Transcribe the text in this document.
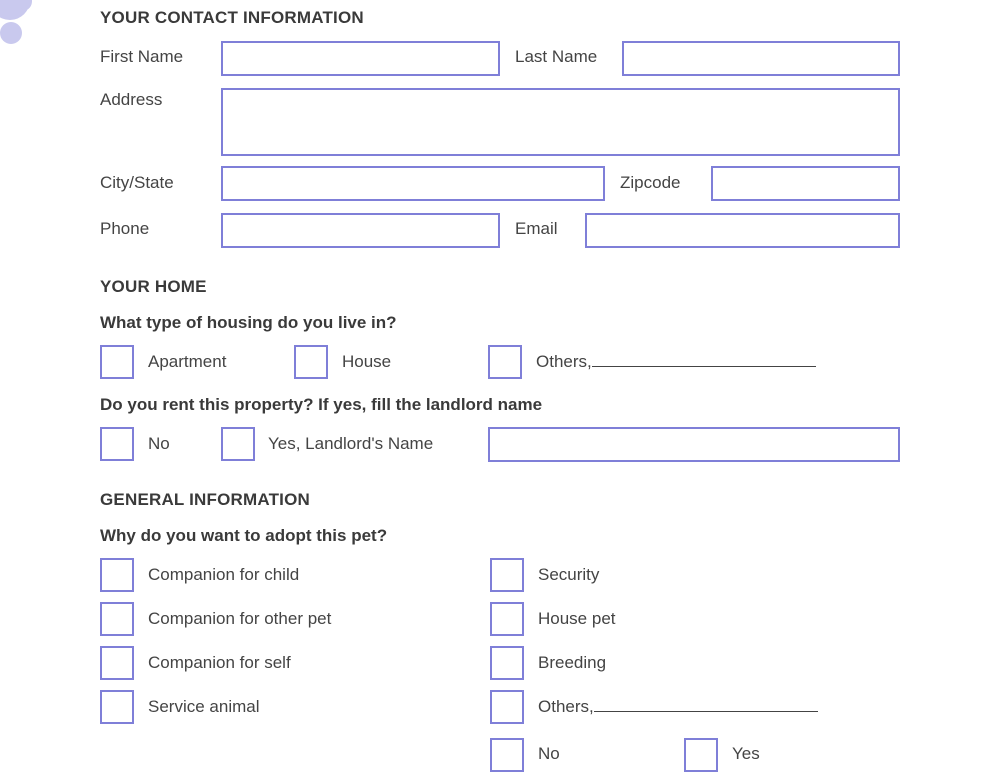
YOUR CONTACT INFORMATION
First Name	Last Name
Address
City/State	Zipcode
Phone	Email
YOUR HOME
What type of housing do you live in?
Apartment	House	Others,
Do you rent this property? If yes, fill the landlord name
No	Yes, Landlord's Name
GENERAL INFORMATION
Why do you want to adopt this pet?
Companion for child
Companion for other pet
Companion for self
Service animal
Security
House pet
Breeding
Others,
No	Yes
